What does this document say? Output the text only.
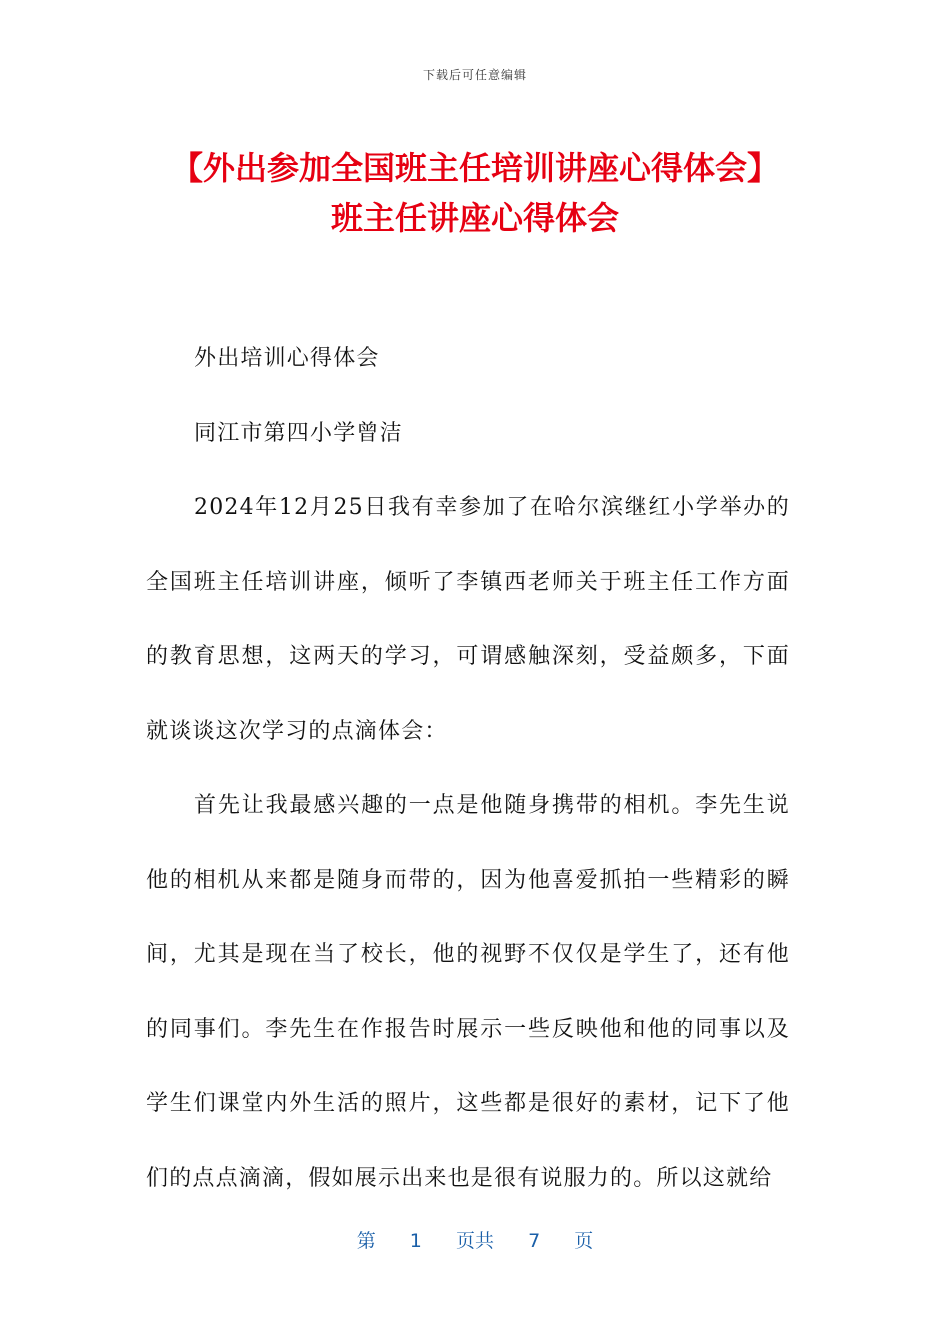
下载后可任意编辑
【外出参加全国班主任培训讲座心得体会】
班主任讲座心得体会

外出培训心得体会

同江市第四小学曾洁

2024年12月25日我有幸参加了在哈尔滨继红小学举办的全国班主任培训讲座，倾听了李镇西老师关于班主任工作方面的教育思想，这两天的学习，可谓感触深刻，受益颇多，下面就谈谈这次学习的点滴体会：

首先让我最感兴趣的一点是他随身携带的相机。李先生说他的相机从来都是随身而带的，因为他喜爱抓拍一些精彩的瞬间，尤其是现在当了校长，他的视野不仅仅是学生了，还有他的同事们。李先生在作报告时展示一些反映他和他的同事以及学生们课堂内外生活的照片，这些都是很好的素材，记下了他们的点点滴滴，假如展示出来也是很有说服力的。所以这就给

第 1 页共 7 页
